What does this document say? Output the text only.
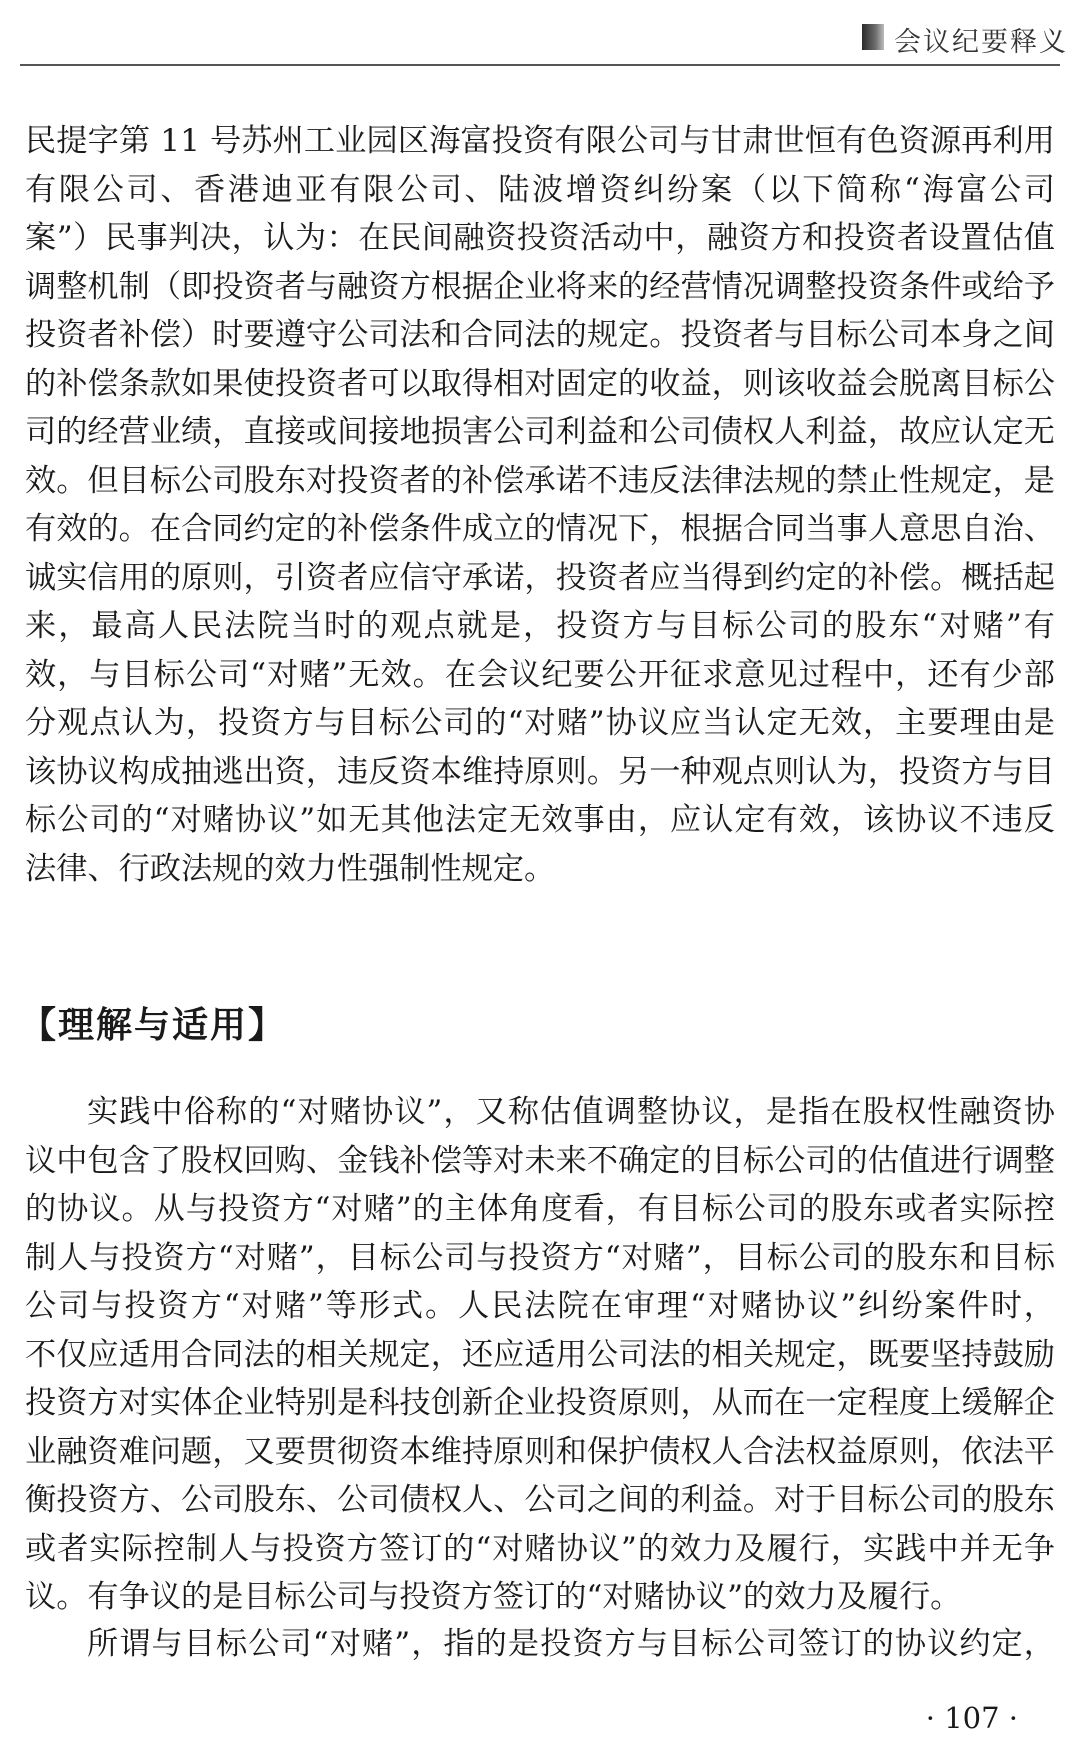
会议纪要释义

民提字第 11 号苏州工业园区海富投资有限公司与甘肃世恒有色资源再利用
有限公司、香港迪亚有限公司、陆波增资纠纷案（以下简称“海富公司
案”）民事判决，认为：在民间融资投资活动中，融资方和投资者设置估值
调整机制（即投资者与融资方根据企业将来的经营情况调整投资条件或给予
投资者补偿）时要遵守公司法和合同法的规定。投资者与目标公司本身之间
的补偿条款如果使投资者可以取得相对固定的收益，则该收益会脱离目标公
司的经营业绩，直接或间接地损害公司利益和公司债权人利益，故应认定无
效。但目标公司股东对投资者的补偿承诺不违反法律法规的禁止性规定，是
有效的。在合同约定的补偿条件成立的情况下，根据合同当事人意思自治、
诚实信用的原则，引资者应信守承诺，投资者应当得到约定的补偿。概括起
来，最高人民法院当时的观点就是，投资方与目标公司的股东“对赌”有
效，与目标公司“对赌”无效。在会议纪要公开征求意见过程中，还有少部
分观点认为，投资方与目标公司的“对赌”协议应当认定无效，主要理由是
该协议构成抽逃出资，违反资本维持原则。另一种观点则认为，投资方与目
标公司的“对赌协议”如无其他法定无效事由，应认定有效，该协议不违反
法律、行政法规的效力性强制性规定。

【理解与适用】

实践中俗称的“对赌协议”，又称估值调整协议，是指在股权性融资协
议中包含了股权回购、金钱补偿等对未来不确定的目标公司的估值进行调整
的协议。从与投资方“对赌”的主体角度看，有目标公司的股东或者实际控
制人与投资方“对赌”，目标公司与投资方“对赌”，目标公司的股东和目标
公司与投资方“对赌”等形式。人民法院在审理“对赌协议”纠纷案件时，
不仅应适用合同法的相关规定，还应适用公司法的相关规定，既要坚持鼓励
投资方对实体企业特别是科技创新企业投资原则，从而在一定程度上缓解企
业融资难问题，又要贯彻资本维持原则和保护债权人合法权益原则，依法平
衡投资方、公司股东、公司债权人、公司之间的利益。对于目标公司的股东
或者实际控制人与投资方签订的“对赌协议”的效力及履行，实践中并无争
议。有争议的是目标公司与投资方签订的“对赌协议”的效力及履行。

所谓与目标公司“对赌”，指的是投资方与目标公司签订的协议约定，

· 107 ·
